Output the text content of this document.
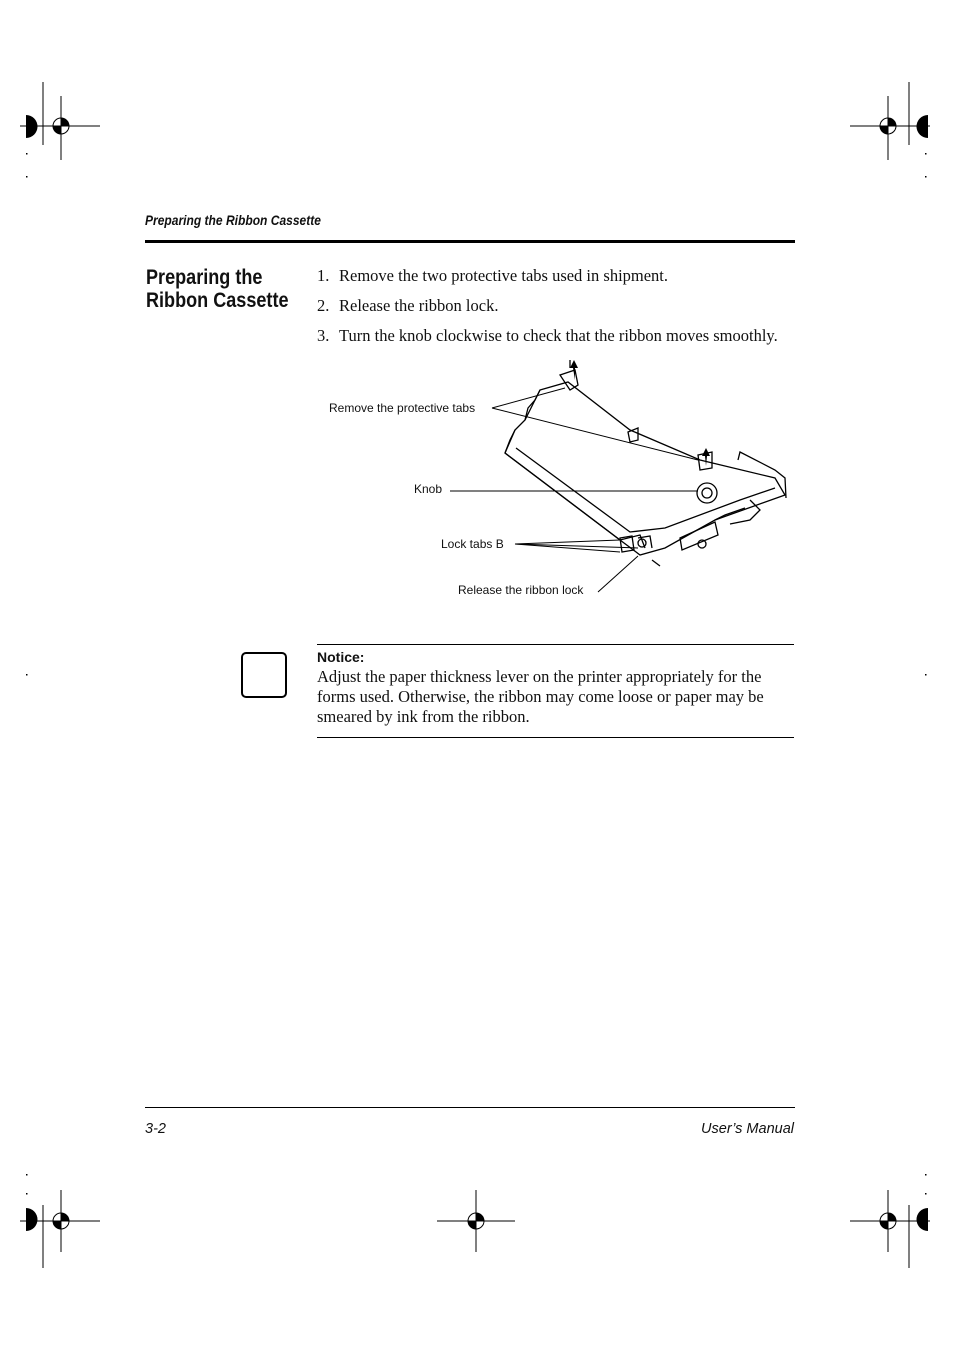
Preparing the Ribbon Cassette
Preparing the
Ribbon Cassette
1. Remove the two protective tabs used in shipment.
2. Release the ribbon lock.
3. Turn the knob clockwise to check that the ribbon moves smoothly.
Remove the protective tabs
Knob
Lock tabs B
Release the ribbon lock
Notice:
Adjust the paper thickness lever on the printer appropriately for the forms used. Otherwise, the ribbon may come loose or paper may be smeared by ink from the ribbon.
3-2	User’s Manual
